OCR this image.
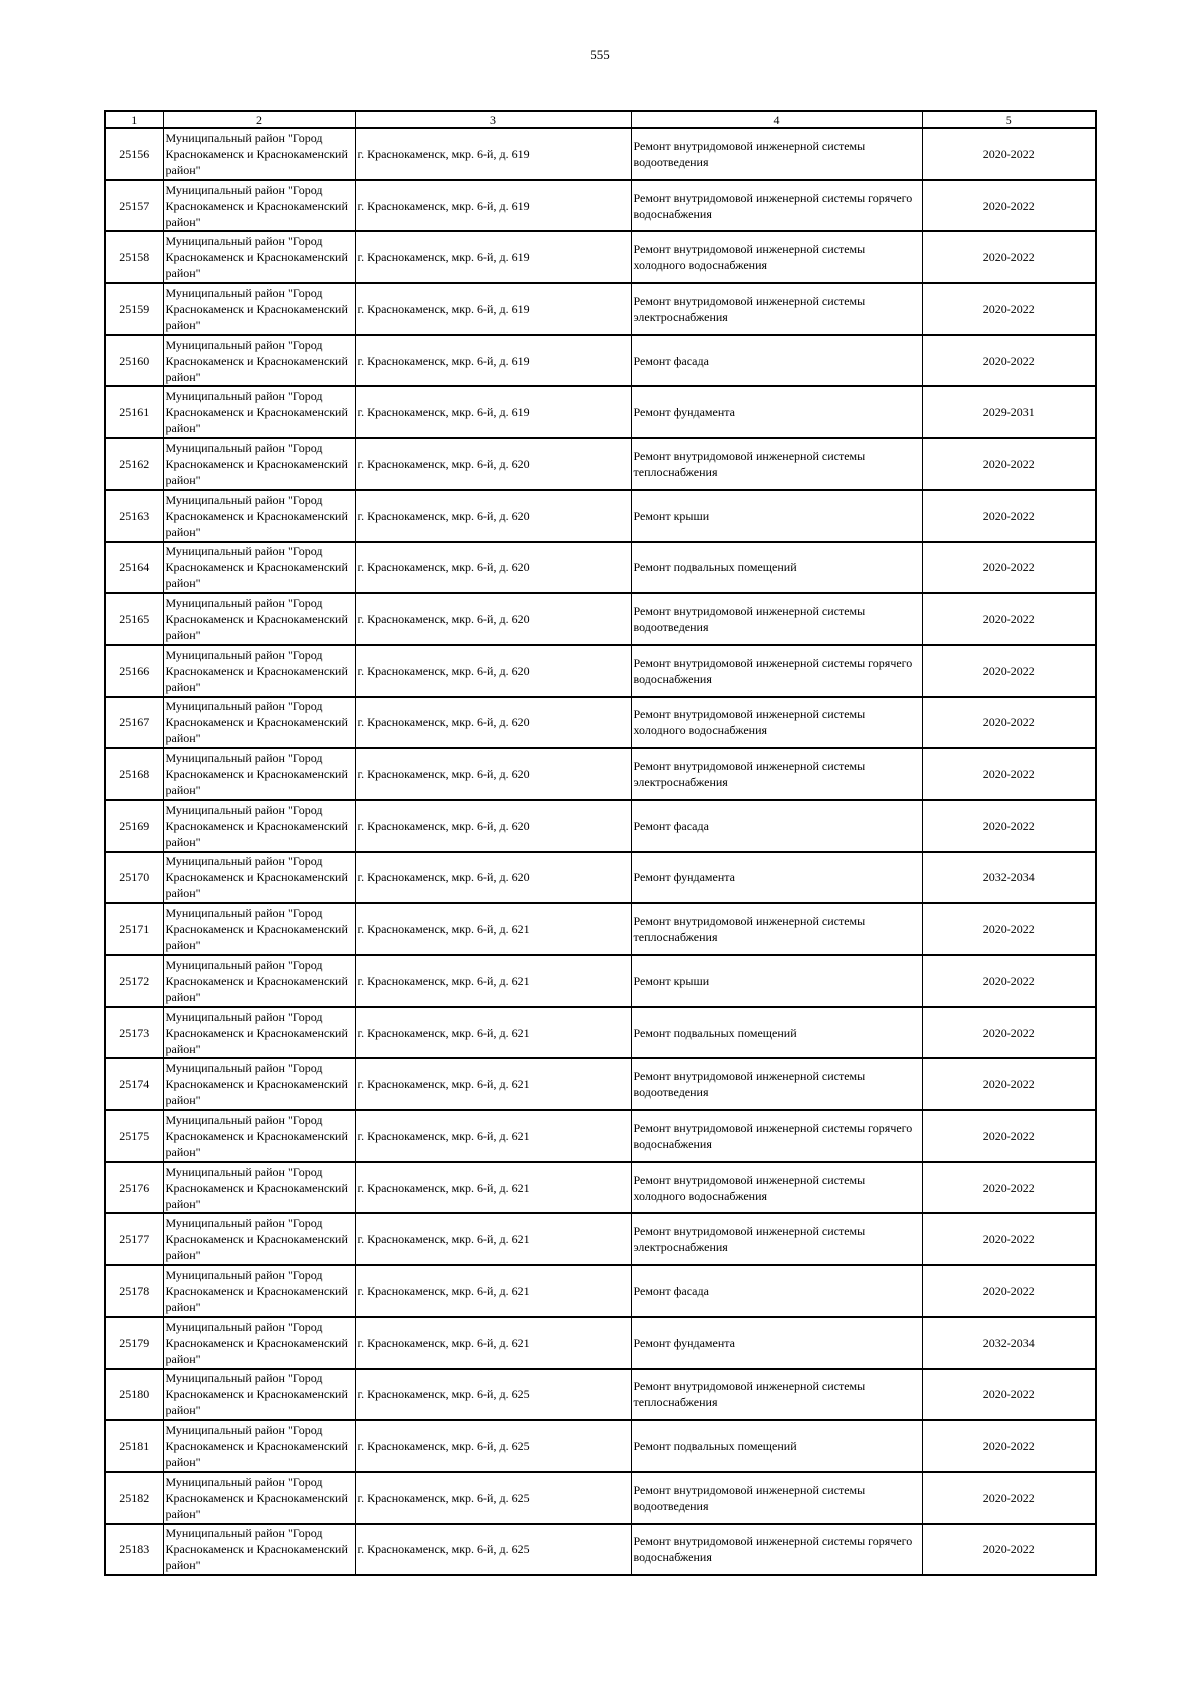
555
1	2	3	4	5
25156	Муниципальный район "Город Краснокаменск и Краснокаменский район"	г. Краснокаменск, мкр. 6-й, д. 619	Ремонт внутридомовой инженерной системы водоотведения	2020-2022
25157	Муниципальный район "Город Краснокаменск и Краснокаменский район"	г. Краснокаменск, мкр. 6-й, д. 619	Ремонт внутридомовой инженерной системы горячего водоснабжения	2020-2022
25158	Муниципальный район "Город Краснокаменск и Краснокаменский район"	г. Краснокаменск, мкр. 6-й, д. 619	Ремонт внутридомовой инженерной системы холодного водоснабжения	2020-2022
25159	Муниципальный район "Город Краснокаменск и Краснокаменский район"	г. Краснокаменск, мкр. 6-й, д. 619	Ремонт внутридомовой инженерной системы электроснабжения	2020-2022
25160	Муниципальный район "Город Краснокаменск и Краснокаменский район"	г. Краснокаменск, мкр. 6-й, д. 619	Ремонт фасада	2020-2022
25161	Муниципальный район "Город Краснокаменск и Краснокаменский район"	г. Краснокаменск, мкр. 6-й, д. 619	Ремонт фундамента	2029-2031
25162	Муниципальный район "Город Краснокаменск и Краснокаменский район"	г. Краснокаменск, мкр. 6-й, д. 620	Ремонт внутридомовой инженерной системы теплоснабжения	2020-2022
25163	Муниципальный район "Город Краснокаменск и Краснокаменский район"	г. Краснокаменск, мкр. 6-й, д. 620	Ремонт крыши	2020-2022
25164	Муниципальный район "Город Краснокаменск и Краснокаменский район"	г. Краснокаменск, мкр. 6-й, д. 620	Ремонт подвальных помещений	2020-2022
25165	Муниципальный район "Город Краснокаменск и Краснокаменский район"	г. Краснокаменск, мкр. 6-й, д. 620	Ремонт внутридомовой инженерной системы водоотведения	2020-2022
25166	Муниципальный район "Город Краснокаменск и Краснокаменский район"	г. Краснокаменск, мкр. 6-й, д. 620	Ремонт внутридомовой инженерной системы горячего водоснабжения	2020-2022
25167	Муниципальный район "Город Краснокаменск и Краснокаменский район"	г. Краснокаменск, мкр. 6-й, д. 620	Ремонт внутридомовой инженерной системы холодного водоснабжения	2020-2022
25168	Муниципальный район "Город Краснокаменск и Краснокаменский район"	г. Краснокаменск, мкр. 6-й, д. 620	Ремонт внутридомовой инженерной системы электроснабжения	2020-2022
25169	Муниципальный район "Город Краснокаменск и Краснокаменский район"	г. Краснокаменск, мкр. 6-й, д. 620	Ремонт фасада	2020-2022
25170	Муниципальный район "Город Краснокаменск и Краснокаменский район"	г. Краснокаменск, мкр. 6-й, д. 620	Ремонт фундамента	2032-2034
25171	Муниципальный район "Город Краснокаменск и Краснокаменский район"	г. Краснокаменск, мкр. 6-й, д. 621	Ремонт внутридомовой инженерной системы теплоснабжения	2020-2022
25172	Муниципальный район "Город Краснокаменск и Краснокаменский район"	г. Краснокаменск, мкр. 6-й, д. 621	Ремонт крыши	2020-2022
25173	Муниципальный район "Город Краснокаменск и Краснокаменский район"	г. Краснокаменск, мкр. 6-й, д. 621	Ремонт подвальных помещений	2020-2022
25174	Муниципальный район "Город Краснокаменск и Краснокаменский район"	г. Краснокаменск, мкр. 6-й, д. 621	Ремонт внутридомовой инженерной системы водоотведения	2020-2022
25175	Муниципальный район "Город Краснокаменск и Краснокаменский район"	г. Краснокаменск, мкр. 6-й, д. 621	Ремонт внутридомовой инженерной системы горячего водоснабжения	2020-2022
25176	Муниципальный район "Город Краснокаменск и Краснокаменский район"	г. Краснокаменск, мкр. 6-й, д. 621	Ремонт внутридомовой инженерной системы холодного водоснабжения	2020-2022
25177	Муниципальный район "Город Краснокаменск и Краснокаменский район"	г. Краснокаменск, мкр. 6-й, д. 621	Ремонт внутридомовой инженерной системы электроснабжения	2020-2022
25178	Муниципальный район "Город Краснокаменск и Краснокаменский район"	г. Краснокаменск, мкр. 6-й, д. 621	Ремонт фасада	2020-2022
25179	Муниципальный район "Город Краснокаменск и Краснокаменский район"	г. Краснокаменск, мкр. 6-й, д. 621	Ремонт фундамента	2032-2034
25180	Муниципальный район "Город Краснокаменск и Краснокаменский район"	г. Краснокаменск, мкр. 6-й, д. 625	Ремонт внутридомовой инженерной системы теплоснабжения	2020-2022
25181	Муниципальный район "Город Краснокаменск и Краснокаменский район"	г. Краснокаменск, мкр. 6-й, д. 625	Ремонт подвальных помещений	2020-2022
25182	Муниципальный район "Город Краснокаменск и Краснокаменский район"	г. Краснокаменск, мкр. 6-й, д. 625	Ремонт внутридомовой инженерной системы водоотведения	2020-2022
25183	Муниципальный район "Город Краснокаменск и Краснокаменский район"	г. Краснокаменск, мкр. 6-й, д. 625	Ремонт внутридомовой инженерной системы горячего водоснабжения	2020-2022
